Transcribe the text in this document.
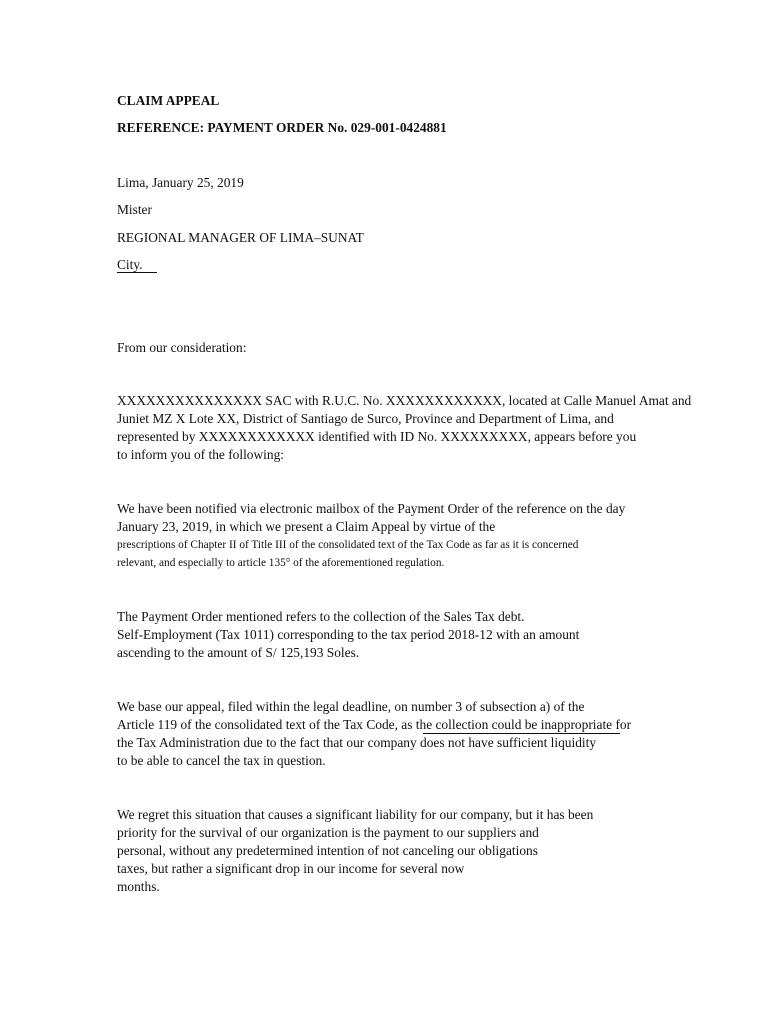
CLAIM APPEAL
REFERENCE: PAYMENT ORDER No. 029-001-0424881
Lima, January 25, 2019
Mister
REGIONAL MANAGER OF LIMA–SUNAT
City.
From our consideration:
XXXXXXXXXXXXXXX SAC with R.U.C. No. XXXXXXXXXXXX, located at Calle Manuel Amat and
Juniet MZ X Lote XX, District of Santiago de Surco, Province and Department of Lima, and
represented by XXXXXXXXXXXX identified with ID No. XXXXXXXXX, appears before you
to inform you of the following:
We have been notified via electronic mailbox of the Payment Order of the reference on the day
January 23, 2019, in which we present a Claim Appeal by virtue of the
prescriptions of Chapter II of Title III of the consolidated text of the Tax Code as far as it is concerned
relevant, and especially to article 135° of the aforementioned regulation.
The Payment Order mentioned refers to the collection of the Sales Tax debt.
Self-Employment (Tax 1011) corresponding to the tax period 2018-12 with an amount
ascending to the amount of S/ 125,193 Soles.
We base our appeal, filed within the legal deadline, on number 3 of subsection a) of the
Article 119 of the consolidated text of the Tax Code, as the collection could be inappropriate for
the Tax Administration due to the fact that our company does not have sufficient liquidity
to be able to cancel the tax in question.
We regret this situation that causes a significant liability for our company, but it has been
priority for the survival of our organization is the payment to our suppliers and
personal, without any predetermined intention of not canceling our obligations
taxes, but rather a significant drop in our income for several now
months.
